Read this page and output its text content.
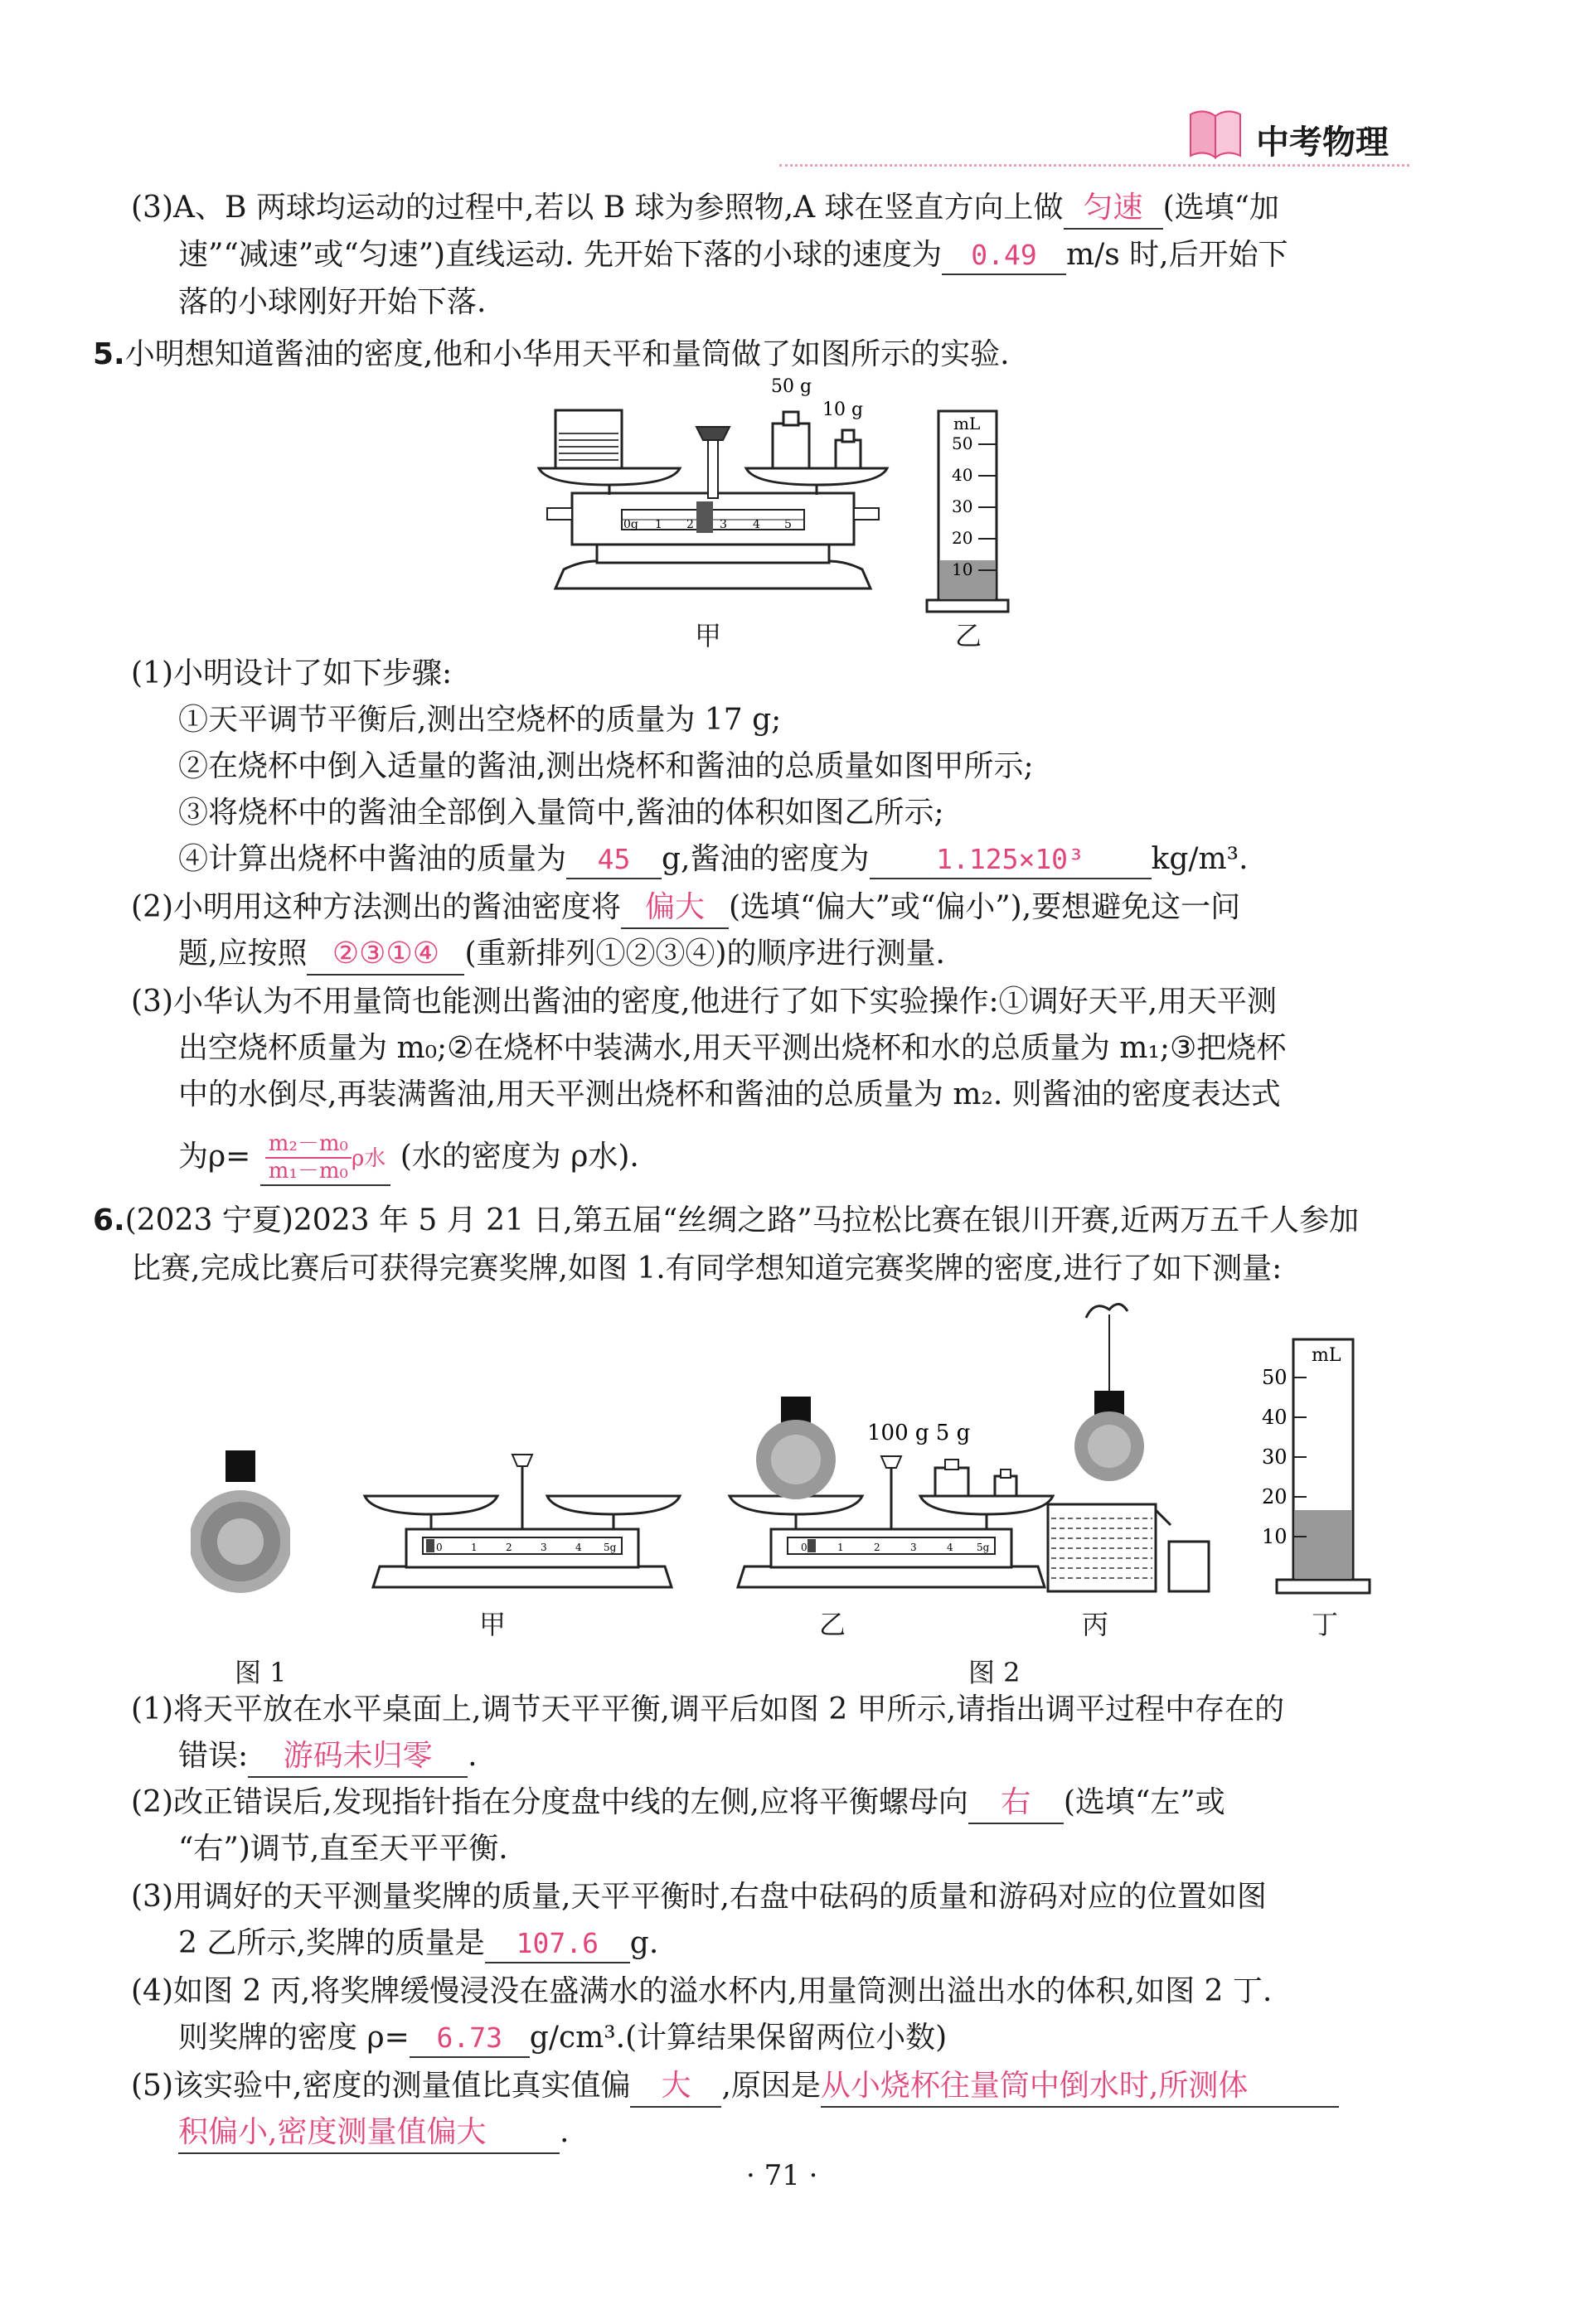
中考物理
(3)A、B 两球均运动的过程中,若以 B 球为参照物,A 球在竖直方向上做 匀速 (选填“加
速”“减速”或“匀速”)直线运动. 先开始下落的小球的速度为 0.49 m/s 时,后开始下
落的小球刚好开始下落.
5.小明想知道酱油的密度,他和小华用天平和量筒做了如图所示的实验.
50 g
10 g
0g 1 2 3 4 5
mL
50
40
30
20
10
甲	乙
(1)小明设计了如下步骤:
①天平调节平衡后,测出空烧杯的质量为 17 g;
②在烧杯中倒入适量的酱油,测出烧杯和酱油的总质量如图甲所示;
③将烧杯中的酱油全部倒入量筒中,酱油的体积如图乙所示;
④计算出烧杯中酱油的质量为 45 g,酱油的密度为 1.125×10³ kg/m³.
(2)小明用这种方法测出的酱油密度将 偏大 (选填“偏大”或“偏小”),要想避免这一问
题,应按照 ②③①④ (重新排列①②③④)的顺序进行测量.
(3)小华认为不用量筒也能测出酱油的密度,他进行了如下实验操作:①调好天平,用天平测
出空烧杯质量为 m₀;②在烧杯中装满水,用天平测出烧杯和水的总质量为 m₁;③把烧杯
中的水倒尽,再装满酱油,用天平测出烧杯和酱油的总质量为 m₂. 则酱油的密度表达式
为$\rho= \frac{\text{m₂－m₀}}{\text{m₁－m₀}}$ ρ水 (水的密度为 ρ水).
6.(2023 宁夏)2023 年 5 月 21 日,第五届“丝绸之路”马拉松比赛在银川开赛,近两万五千人参加
比赛,完成比赛后可获得完赛奖牌,如图 1.有同学想知道完赛奖牌的密度,进行了如下测量:
0	1	2	3	4 5g
100 g 5 g
0	1	2	3	4 5g
mL
50
40
30
20
10
甲	乙	丙	丁
图 1	图 2
(1)将天平放在水平桌面上,调节天平平衡,调平后如图 2 甲所示,请指出调平过程中存在的
错误: 游码未归零 .
(2)改正错误后,发现指针指在分度盘中线的左侧,应将平衡螺母向 右 (选填“左”或
“右”)调节,直至天平平衡.
(3)用调好的天平测量奖牌的质量,天平平衡时,右盘中砝码的质量和游码对应的位置如图
2 乙所示,奖牌的质量是 107.6 g.
(4)如图 2 丙,将奖牌缓慢浸没在盛满水的溢水杯内,用量筒测出溢出水的体积,如图 2 丁.
则奖牌的密度 ρ= 6.73 g/cm³.(计算结果保留两位小数)
(5)该实验中,密度的测量值比真实值偏 大 ,原因是从小烧杯往量筒中倒水时,所测体
积偏小,密度测量值偏大 .
· 71 ·
